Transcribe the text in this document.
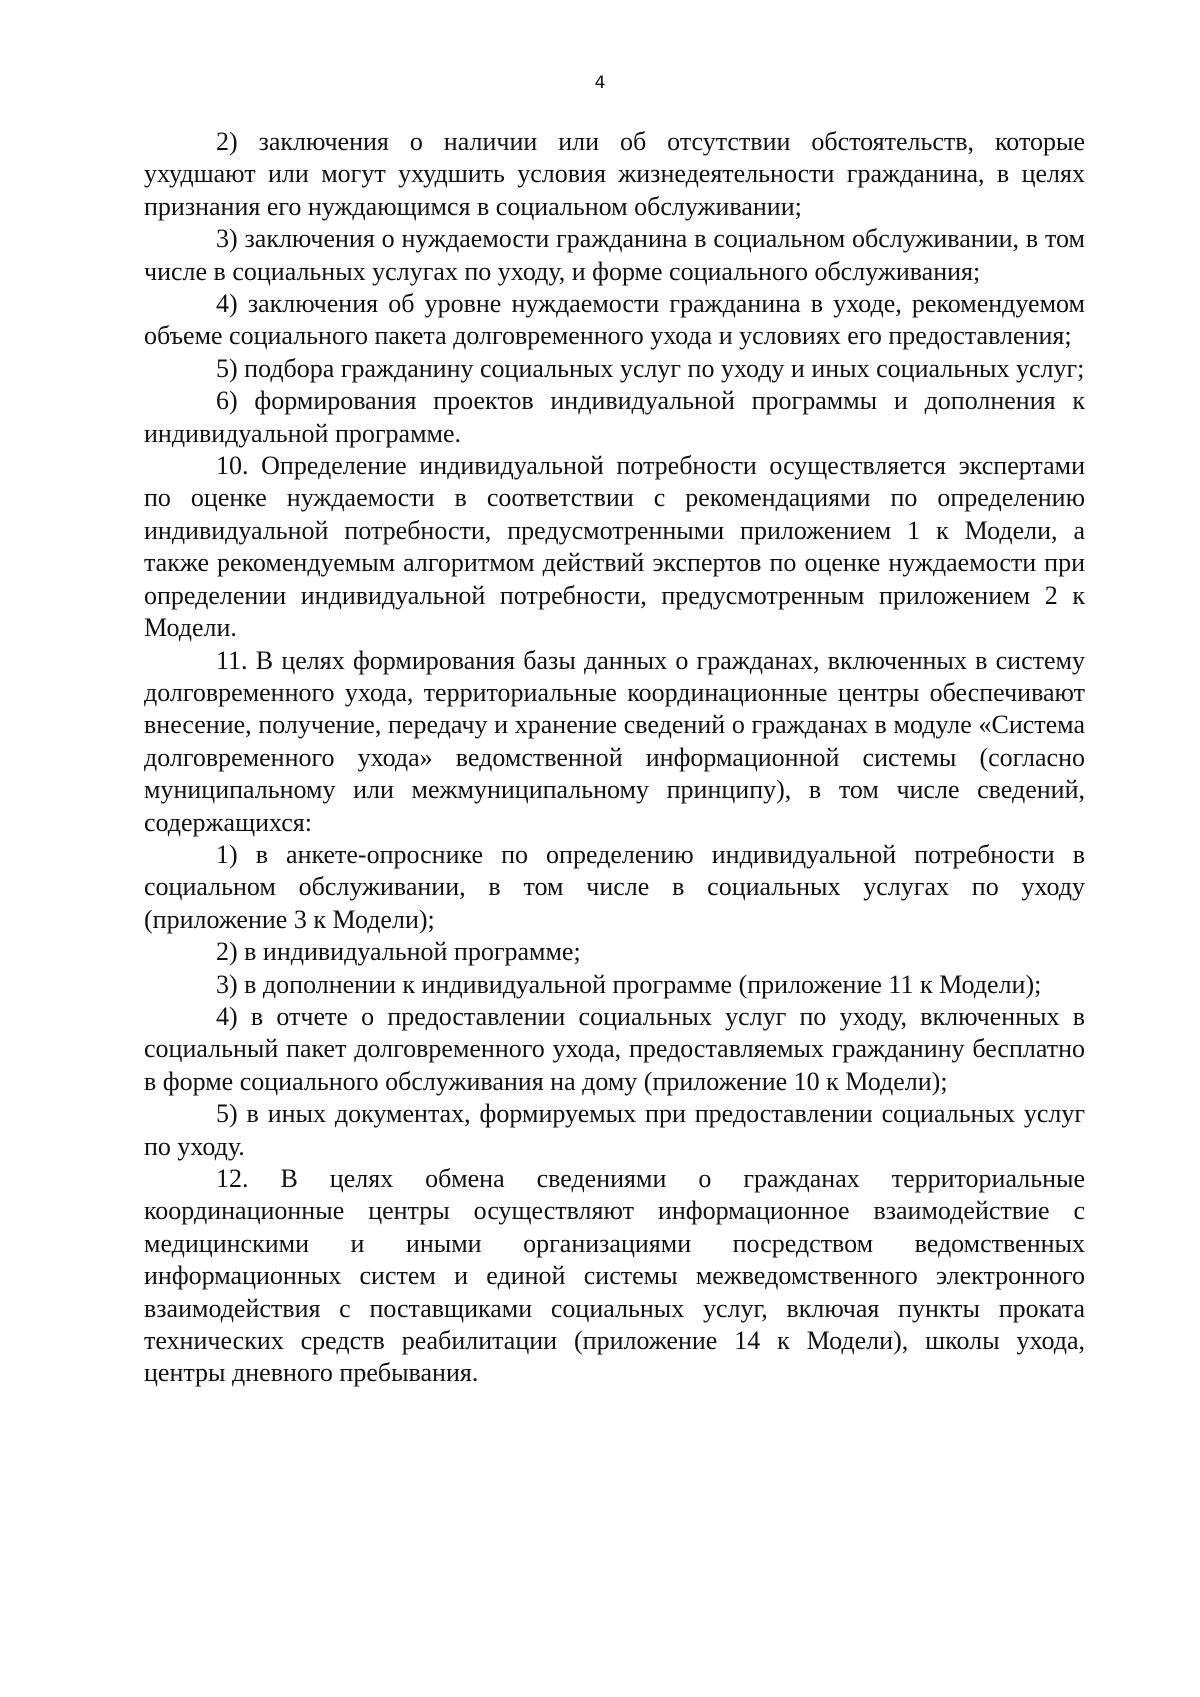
4

2) заключения о наличии или об отсутствии обстоятельств, которые ухудшают или могут ухудшить условия жизнедеятельности гражданина, в целях признания его нуждающимся в социальном обслуживании;

3) заключения о нуждаемости гражданина в социальном обслуживании, в том числе в социальных услугах по уходу, и форме социального обслуживания;

4) заключения об уровне нуждаемости гражданина в уходе, рекомендуемом объеме социального пакета долговременного ухода и условиях его предоставления;

5) подбора гражданину социальных услуг по уходу и иных социальных услуг;

6) формирования проектов индивидуальной программы и дополнения к индивидуальной программе.

10. Определение индивидуальной потребности осуществляется экспертами по оценке нуждаемости в соответствии с рекомендациями по определению индивидуальной потребности, предусмотренными приложением 1 к Модели, а также рекомендуемым алгоритмом действий экспертов по оценке нуждаемости при определении индивидуальной потребности, предусмотренным приложением 2 к Модели.

11. В целях формирования базы данных о гражданах, включенных в систему долговременного ухода, территориальные координационные центры обеспечивают внесение, получение, передачу и хранение сведений о гражданах в модуле «Система долговременного ухода» ведомственной информационной системы (согласно муниципальному или межмуниципальному принципу), в том числе сведений, содержащихся:

1) в анкете-опроснике по определению индивидуальной потребности в социальном обслуживании, в том числе в социальных услугах по уходу (приложение 3 к Модели);

2) в индивидуальной программе;

3) в дополнении к индивидуальной программе (приложение 11 к Модели);

4) в отчете о предоставлении социальных услуг по уходу, включенных в социальный пакет долговременного ухода, предоставляемых гражданину бесплатно в форме социального обслуживания на дому (приложение 10 к Модели);

5) в иных документах, формируемых при предоставлении социальных услуг по уходу.

12. В целях обмена сведениями о гражданах территориальные координационные центры осуществляют информационное взаимодействие с медицинскими и иными организациями посредством ведомственных информационных систем и единой системы межведомственного электронного взаимодействия с поставщиками социальных услуг, включая пункты проката технических средств реабилитации (приложение 14 к Модели), школы ухода, центры дневного пребывания.
